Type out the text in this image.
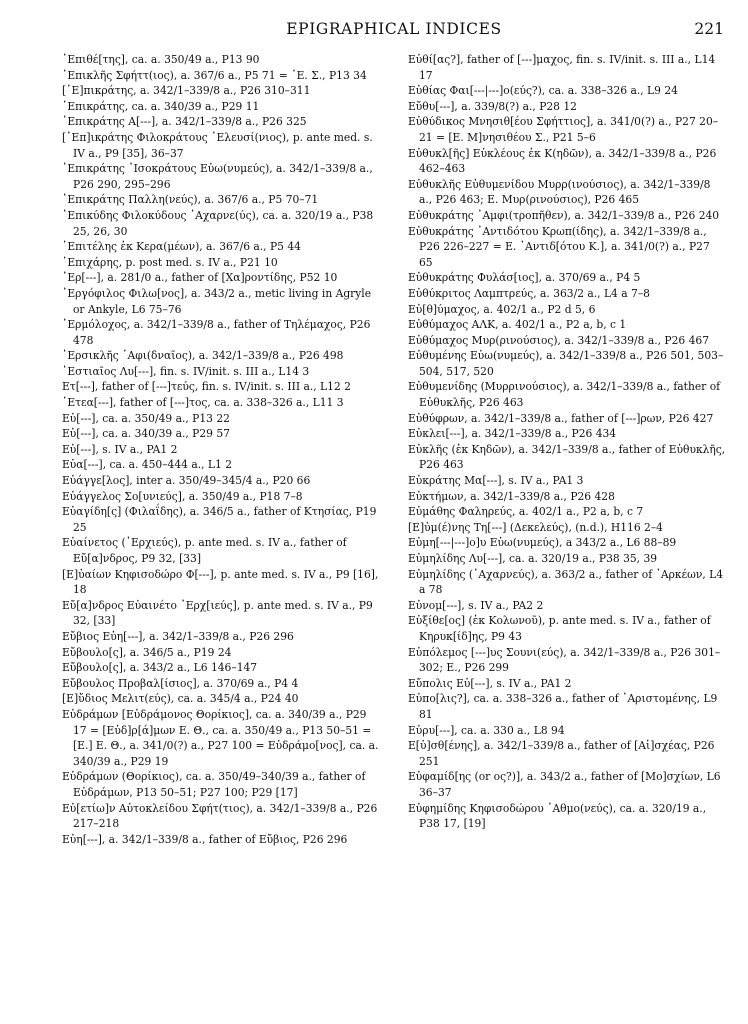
EPIGRAPHICAL INDICES	221

᾿Επιθέ[της], ca. a. 350/49 a., P13 90

᾿Επικλῆς Σφήττ(ιος), a. 367/6 a., P5 71 = ᾿Ε. Σ., P13 34

[᾿Ε]πικράτης, a. 342/1–339/8 a., P26 310–311

᾿Επικράτης, ca. a. 340/39 a., P29 11

᾿Επικράτης Α[---], a. 342/1–339/8 a., P26 325

[᾿Επ]ικράτης Φιλοκράτους ᾿Ελευσί(νιος), p. ante med. s. IV a., P9 [35], 36–37

᾿Επικράτης ᾿Ισοκράτους Εὐω(νυμεύς), a. 342/1–339/8 a., P26 290, 295–296

᾿Επικράτης Παλλη(νεύς), a. 367/6 a., P5 70–71

᾿Επικύδης Φιλοκύδους ᾿Αχαρνε(ύς), ca. a. 320/19 a., P38 25, 26, 30

᾿Επιτέλης ἐκ Κερα(μέων), a. 367/6 a., P5 44

᾿Επιχάρης, p. post med. s. IV a., P21 10

᾿Ερ[---], a. 281/0 a., father of [Χα]ροντίδης, P52 10

᾿Εργόφιλος Φιλω[νος], a. 343/2 a., metic living in Agryle or Ankyle, L6 75–76

῾Ερμόλοχος, a. 342/1–339/8 a., father of Τηλέμαχος, P26 478

῾Ερσικλῆς ᾿Αφι(δναῖος), a. 342/1–339/8 a., P26 498

῾Εστιαῖος Λυ[---], fin. s. IV/init. s. III a., L14 3

Ετ[---], father of [---]τεύς, fin. s. IV/init. s. III a., L12 2

᾿Ετεα[---], father of [---]τος, ca. a. 338–326 a., L11 3

Εὐ[---], ca. a. 350/49 a., P13 22

Εὐ[---], ca. a. 340/39 a., P29 57

Εὐ[---], s. IV a., PA1 2

Εὐα[---], ca. a. 450–444 a., L1 2

Εὐάγγε[λος], inter a. 350/49–345/4 a., P20 66

Εὐάγγελος Σο[υνιεύς], a. 350/49 a., P18 7–8

Εὐαγίδη[ς] (Φιλαΐδης), a. 346/5 a., father of Κτησίας, P19 25

Εὐαίνετος (᾿Ερχιεύς), p. ante med. s. IV a., father of Εὔ[α]νδρος, P9 32, [33]

[Ε]ὐαίων Κηφισοδώρο Φ[---], p. ante med. s. IV a., P9 [16], 18

Εὔ[α]νδρος Εὐαινέτο ᾿Ερχ[ιεύς], p. ante med. s. IV a., P9 32, [33]

Εὔβιος Εὐη[---], a. 342/1–339/8 a., P26 296

Εὔβουλο[ς], a. 346/5 a., P19 24

Εὔβουλο[ς], a. 343/2 a., L6 146–147

Εὔβουλος Προβαλ[ίσιος], a. 370/69 a., P4 4

[Ε]ὔδιος Μελιτ(εύς), ca. a. 345/4 a., P24 40

Εὐδράμων [Εὐδράμονος Θορίκιος], ca. a. 340/39 a., P29 17 = [Εὐδ]ρ[ά]μων Ε. Θ., ca. a. 350/49 a., P13 50–51 = [Ε.] Ε. Θ., a. 341/0(?) a., P27 100 = Εὐδράμο[νος], ca. a. 340/39 a., P29 19

Εὐδράμων (Θορίκιος), ca. a. 350/49–340/39 a., father of Εὐδράμων, P13 50–51; P27 100; P29 [17]

Εὐ[ετίω]ν Αὐτοκλείδου Σφήτ(τιος), a. 342/1–339/8 a., P26 217–218

Εὐη[---], a. 342/1–339/8 a., father of Εὔβιος, P26 296

Εὐθί[ας?], father of [---]μαχος, fin. s. IV/init. s. III a., L14 17

Εὐθίας Φαι[---|---]ο(εύς?), ca. a. 338–326 a., L9 24

Εὔθυ[---], a. 339/8(?) a., P28 12

Εὐθύδικος Μνησιθ[έου Σφήττιος], a. 341/0(?) a., P27 20–21 = [Ε. Μ]νησιθέου Σ., P21 5–6

Εὐθυκλ[ῆς] Εὐκλέους ἐκ Κ(ηδῶν), a. 342/1–339/8 a., P26 462–463

Εὐθυκλῆς Εὐθυμενίδου Μυρρ(ινούσιος), a. 342/1–339/8 a., P26 463; Ε. Μυρ(ρινούσιος), P26 465

Εὐθυκράτης ᾿Αμφι(τροπῆθεν), a. 342/1–339/8 a., P26 240

Εὐθυκράτης ᾿Αντιδότου Κρωπ(ίδης), a. 342/1–339/8 a., P26 226–227 = Ε. ᾿Αντιδ[ότου Κ.], a. 341/0(?) a., P27 65

Εὐθυκράτης Φυλάσ[ιος], a. 370/69 a., P4 5

Εὐθύκριτος Λαμπτρεύς, a. 363/2 a., L4 a 7–8

Εὐ[θ]ύμαχος, a. 402/1 a., P2 d 5, 6

Εὐθύμαχος ΑΛΚ, a. 402/1 a., P2 a, b, c 1

Εὐθύμαχος Μυρ(ρινούσιος), a. 342/1–339/8 a., P26 467

Εὐθυμένης Εὐω(νυμεύς), a. 342/1–339/8 a., P26 501, 503–504, 517, 520

Εὐθυμενίδης (Μυρρινούσιος), a. 342/1–339/8 a., father of Εὐθυκλῆς, P26 463

Εὐθύφρων, a. 342/1–339/8 a., father of [---]ρων, P26 427

Εὐκλει[---], a. 342/1–339/8 a., P26 434

Εὐκλῆς (ἐκ Κηδῶν), a. 342/1–339/8 a., father of Εὐθυκλῆς, P26 463

Εὐκράτης Μα[---], s. IV a., PA1 3

Εὐκτήμων, a. 342/1–339/8 a., P26 428

Εὐμάθης Φαληρεύς, a. 402/1 a., P2 a, b, c 7

[Ε]ὐμ(έ)νης Τη[---] (Δεκελεύς), (n.d.), H116 2–4

Εὐμη[---|---]ο]υ Εὐω(νυμεύς), a 343/2 a., L6 88–89

Εὐμηλίδης Λυ[---], ca. a. 320/19 a., P38 35, 39

Εὐμηλίδης (᾿Αχαρνεύς), a. 363/2 a., father of ᾿Αρκέων, L4 a 78

Εὐνομ[---], s. IV a., PA2 2

Εὐξίθε[ος] (ἐκ Κολωνοῦ), p. ante med. s. IV a., father of Κηρυκ[ίδ]ης, P9 43

Εὐπόλεμος [---]υς Σουνι(εύς), a. 342/1–339/8 a., P26 301–302; E., P26 299

Εὔπολις Εὐ[---], s. IV a., PA1 2

Εὐπο[λις?], ca. a. 338–326 a., father of ᾿Αριστομένης, L9 81

Εὐρυ[---], ca. a. 330 a., L8 94

Ε[ὐ]σθ[ένης], a. 342/1–339/8 a., father of [Αἰ]σχέας, P26 251

Εὐφαμίδ[ης (or ος?)], a. 343/2 a., father of [Μο]σχίων, L6 36–37

Εὐφημίδης Κηφισοδώρου ᾿Αθμο(νεύς), ca. a. 320/19 a., P38 17, [19]
